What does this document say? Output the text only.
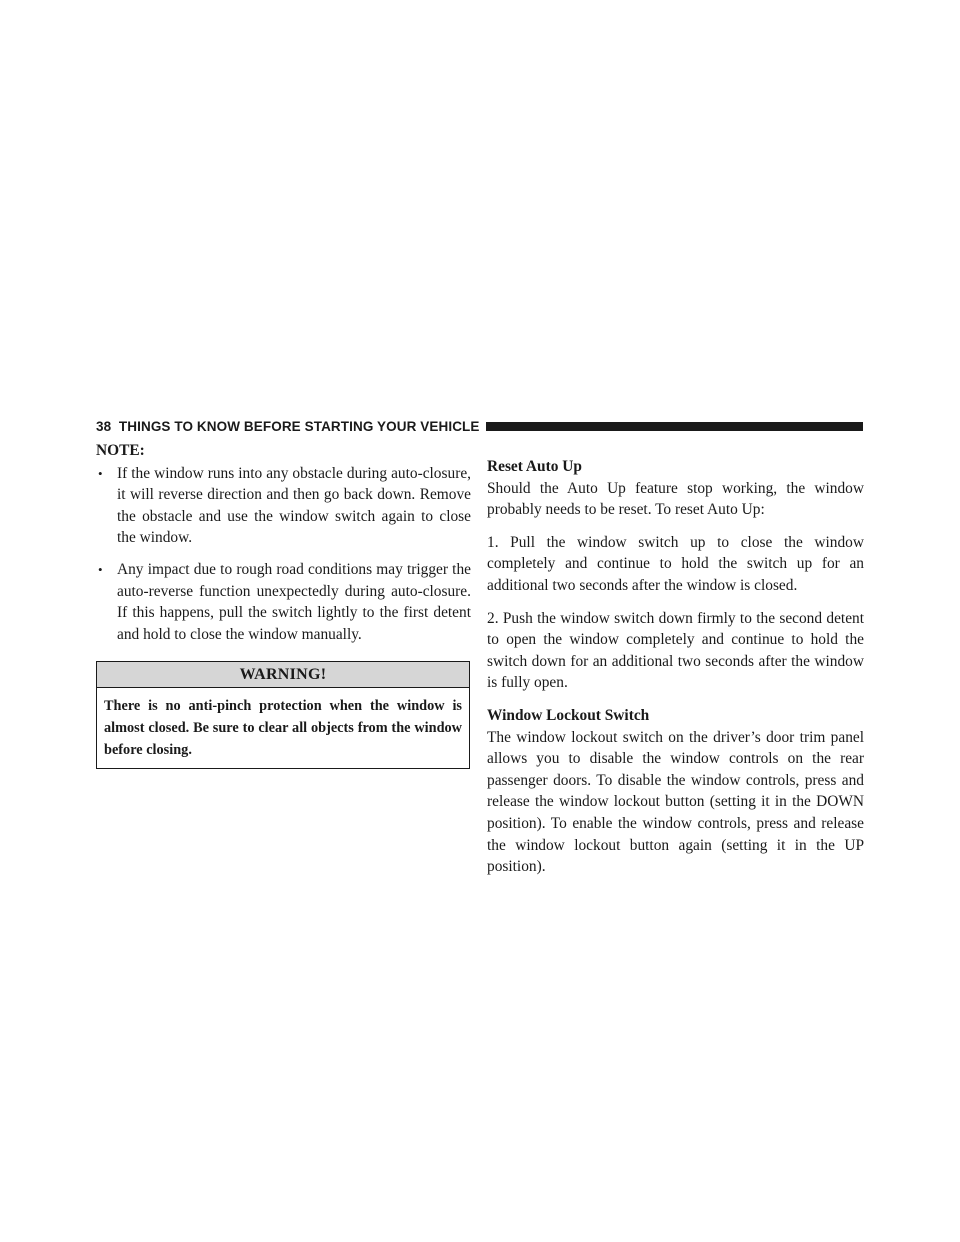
38 THINGS TO KNOW BEFORE STARTING YOUR VEHICLE
NOTE:
• If the window runs into any obstacle during auto-closure, it will reverse direction and then go back down. Remove the obstacle and use the window switch again to close the window.
• Any impact due to rough road conditions may trigger the auto-reverse function unexpectedly during auto-closure. If this happens, pull the switch lightly to the first detent and hold to close the window manually.
WARNING!
There is no anti-pinch protection when the window is almost closed. Be sure to clear all objects from the window before closing.
Reset Auto Up

Should the Auto Up feature stop working, the window probably needs to be reset. To reset Auto Up:

1. Pull the window switch up to close the window completely and continue to hold the switch up for an additional two seconds after the window is closed.

2. Push the window switch down firmly to the second detent to open the window completely and continue to hold the switch down for an additional two seconds after the window is fully open.

Window Lockout Switch

The window lockout switch on the driver’s door trim panel allows you to disable the window controls on the rear passenger doors. To disable the window controls, press and release the window lockout button (setting it in the DOWN position). To enable the window controls, press and release the window lockout button again (setting it in the UP position).
